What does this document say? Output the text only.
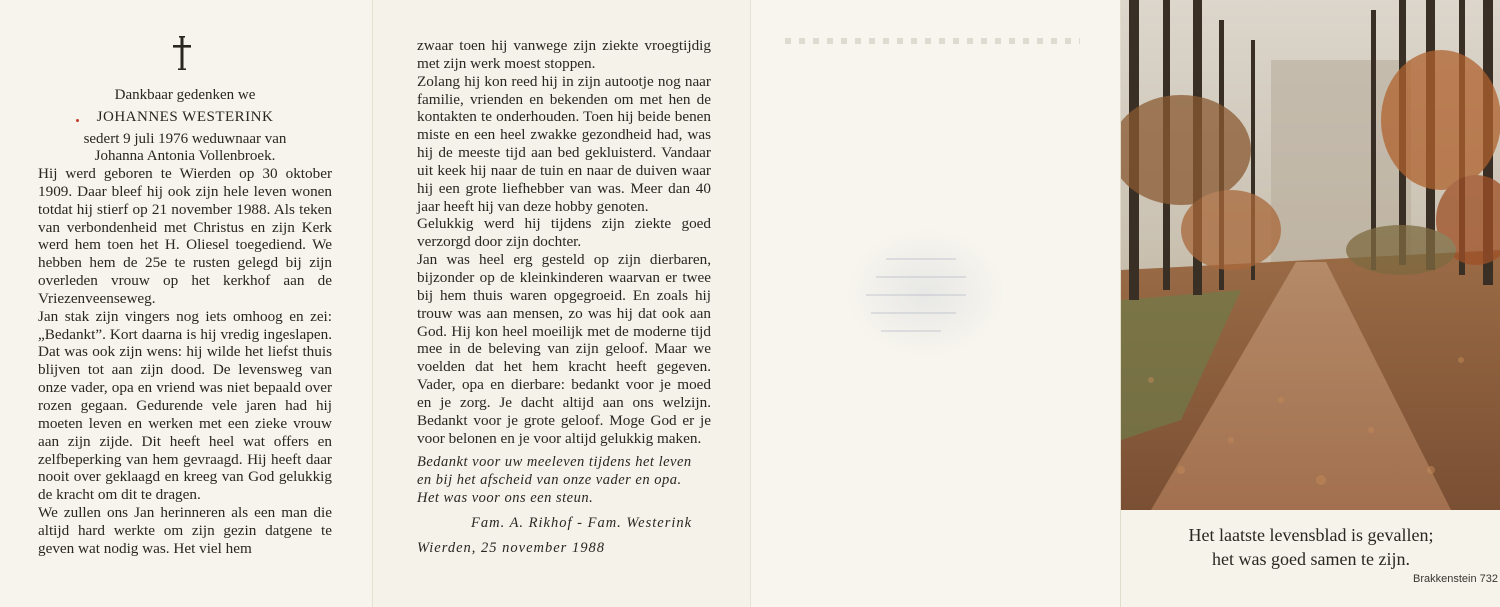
Dankbaar gedenken we
JOHANNES WESTERINK
sedert 9 juli 1976 weduwnaar van
Johanna Antonia Vollenbroek.

Hij werd geboren te Wierden op 30 oktober 1909. Daar bleef hij ook zijn hele leven wonen totdat hij stierf op 21 november 1988. Als teken van verbondenheid met Christus en zijn Kerk werd hem toen het H. Oliesel toegediend. We hebben hem de 25e te rusten gelegd bij zijn overleden vrouw op het kerkhof aan de Vriezenveenseweg.

Jan stak zijn vingers nog iets omhoog en zei: „Bedankt”. Kort daarna is hij vredig ingeslapen. Dat was ook zijn wens: hij wilde het liefst thuis blijven tot aan zijn dood. De levensweg van onze vader, opa en vriend was niet bepaald over rozen gegaan. Gedurende vele jaren had hij moeten leven en werken met een zieke vrouw aan zijn zijde. Dit heeft heel wat offers en zelfbeperking van hem gevraagd. Hij heeft daar nooit over geklaagd en kreeg van God gelukkig de kracht om dit te dragen.

We zullen ons Jan herinneren als een man die altijd hard werkte om zijn gezin datgene te geven wat nodig was. Het viel hem

zwaar toen hij vanwege zijn ziekte vroegtijdig met zijn werk moest stoppen.

Zolang hij kon reed hij in zijn autootje nog naar familie, vrienden en bekenden om met hen de kontakten te onderhouden. Toen hij beide benen miste en een heel zwakke gezondheid had, was hij de meeste tijd aan bed gekluisterd. Vandaar uit keek hij naar de tuin en naar de duiven waar hij een grote liefhebber van was. Meer dan 40 jaar heeft hij van deze hobby genoten.

Gelukkig werd hij tijdens zijn ziekte goed verzorgd door zijn dochter.

Jan was heel erg gesteld op zijn dierbaren, bijzonder op de kleinkinderen waarvan er twee bij hem thuis waren opgegroeid. En zoals hij trouw was aan mensen, zo was hij dat ook aan God. Hij kon heel moeilijk met de moderne tijd mee in de beleving van zijn geloof. Maar we voelden dat het hem kracht heeft gegeven. Vader, opa en dierbare: bedankt voor je moed en je zorg. Je dacht altijd aan ons welzijn. Bedankt voor je grote geloof. Moge God er je voor belonen en je voor altijd gelukkig maken.

Bedankt voor uw meeleven tijdens het leven

en bij het afscheid van onze vader en opa.

Het was voor ons een steun.

Fam. A. Rikhof - Fam. Westerink
Wierden, 25 november 1988
Het laatste levensblad is gevallen;
het was goed samen te zijn.
Brakkenstein 732
